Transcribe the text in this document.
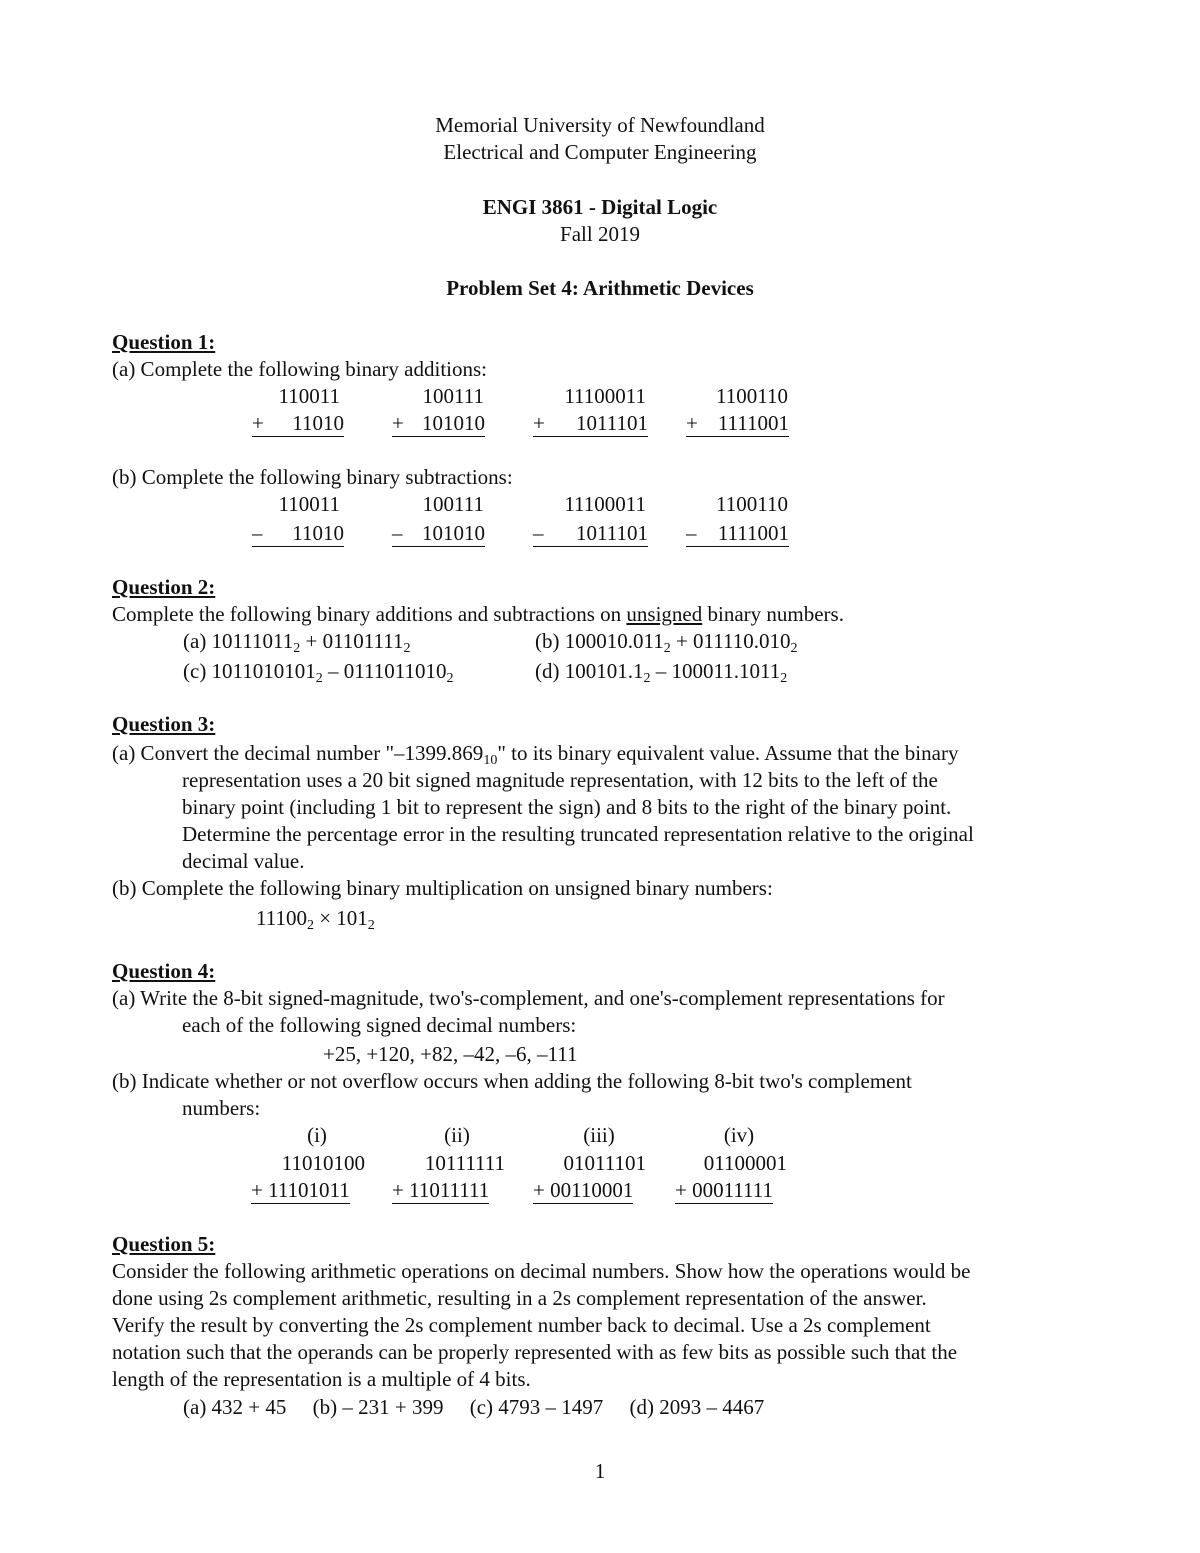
Memorial University of Newfoundland
Electrical and Computer Engineering
ENGI 3861 - Digital Logic
Fall 2019
Problem Set 4: Arithmetic Devices
Question 1:
(a) Complete the following binary additions:
110011	100111	11100011	1100110
+ 11010 + 101010 + 1011101 + 1111001
(b) Complete the following binary subtractions:
110011	100111	11100011	1100110
– 11010 – 101010 – 1011101 – 1111001
Question 2:
Complete the following binary additions and subtractions on unsigned binary numbers.
(a) $10111011_2 + 01101111_2$	(b) $100010.011_2 + 011110.010_2$
(c) $1011010101_2 - 0111011010_2$	(d) $100101.1_2 - 100011.1011_2$
Question 3:
(a) Convert the decimal number "$-1399.869_{10}$" to its binary equivalent value. Assume that the binary
representation uses a 20 bit signed magnitude representation, with 12 bits to the left of the
binary point (including 1 bit to represent the sign) and 8 bits to the right of the binary point.
Determine the percentage error in the resulting truncated representation relative to the original
decimal value.
(b) Complete the following binary multiplication on unsigned binary numbers:
$11100_2 \times 101_2$
Question 4:
(a) Write the 8-bit signed-magnitude, two's-complement, and one's-complement representations for
each of the following signed decimal numbers:
+25, +120, +82, –42, –6, –111
(b) Indicate whether or not overflow occurs when adding the following 8-bit two's complement
numbers:
(i)	(ii)	(iii)	(iv)
11010100	10111111	01011101	01100001
+ 11101011 + 11011111 + 00110001 + 00011111
Question 5:
Consider the following arithmetic operations on decimal numbers. Show how the operations would be
done using 2s complement arithmetic, resulting in a 2s complement representation of the answer.
Verify the result by converting the 2s complement number back to decimal. Use a 2s complement
notation such that the operands can be properly represented with as few bits as possible such that the
length of the representation is a multiple of 4 bits.
(a) 432 + 45     (b) – 231 + 399     (c) 4793 – 1497     (d) 2093 – 4467
1
